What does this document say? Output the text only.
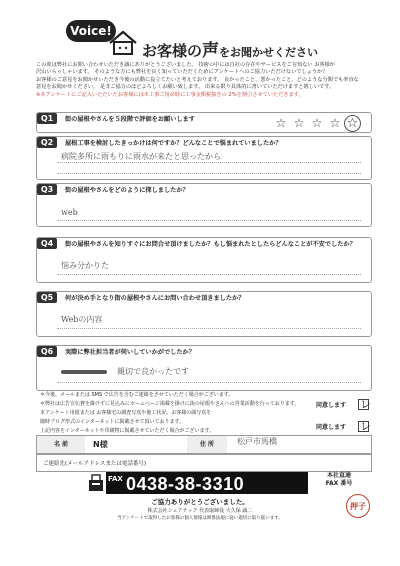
Voice!
お客様の声をお聞かせください
この度は弊社にお問い合わせいただき誠にありがとうございました。 技術の中には自社の存在やサービスをご存知ない お客様が
沢山いらっしゃいます。 そのような方にも弊社を良く知っていただくためにアンケートへのご協力いただけないでしょうか？
お客様のご意見をお聞かせいただき今後の活動に役立てたいと考えております。 良かったこと、悪かったこと、どのような分類でも率直な
意見をお聞かせください。 是非ご協力のほどよろしくお願い致します。 出来る限り具体的に書いていただけますと嬉しいです。
※本アンケートにご記入いただいたお客様には本工事ご用命時に工事金額税抜きの 2%を割引させていただきます。
Q1	街の屋根やさんを５段階で評価をお願いします	☆ ☆ ☆ ☆ ☆
Q2	屋根工事を検討したきっかけは何ですか？どんなことで悩まれていましたか？
病院多所に雨もりに雨水が来たと思ったから
Q3	街の屋根やさんをどのように探しましたか？
web
Q4	街の屋根やさんを知りすぐにお問合せ頂けましたか？もし悩まれたとしたらどんなことが不安でしたか？
悩み分かりた
Q5	何が決め手となり街の屋根やさんにお問い合わせ頂きましたか？
Webの内容
Q6	実際に弊社担当者が伺いしていかがでしたか？
親切で良かったです
＊今後、メールまたは SMS で広告を含むご連絡をさせていただく場合がございます。
＊弊社は広告宣伝費を掛けずに見込みにホームページ掲載を掛けに街の屋根やさんへの営業活動を行っております。
本アンケート用紙または お客様宅の調査写真や施工状況、お客様の顔写真を
随時ブログ形式のインターネットに掲載させて頂いております。
上記内容をインターネットや印刷物に掲載させていただく場合がございます。
同意します レ
同意します レ
名 前	N様	住 所	松戸市馬橋
ご連絡先(メールアドレスまたは電話番号)
FAX 0438-38-3310	本社直通
FAX 番号
ご協力ありがとうございました。
株式会社シェアテック 代表取締役 大久保 誠二
当アンケートで取得したお客様の個人情報は関係法規に従い適切に取り扱います。
押子
